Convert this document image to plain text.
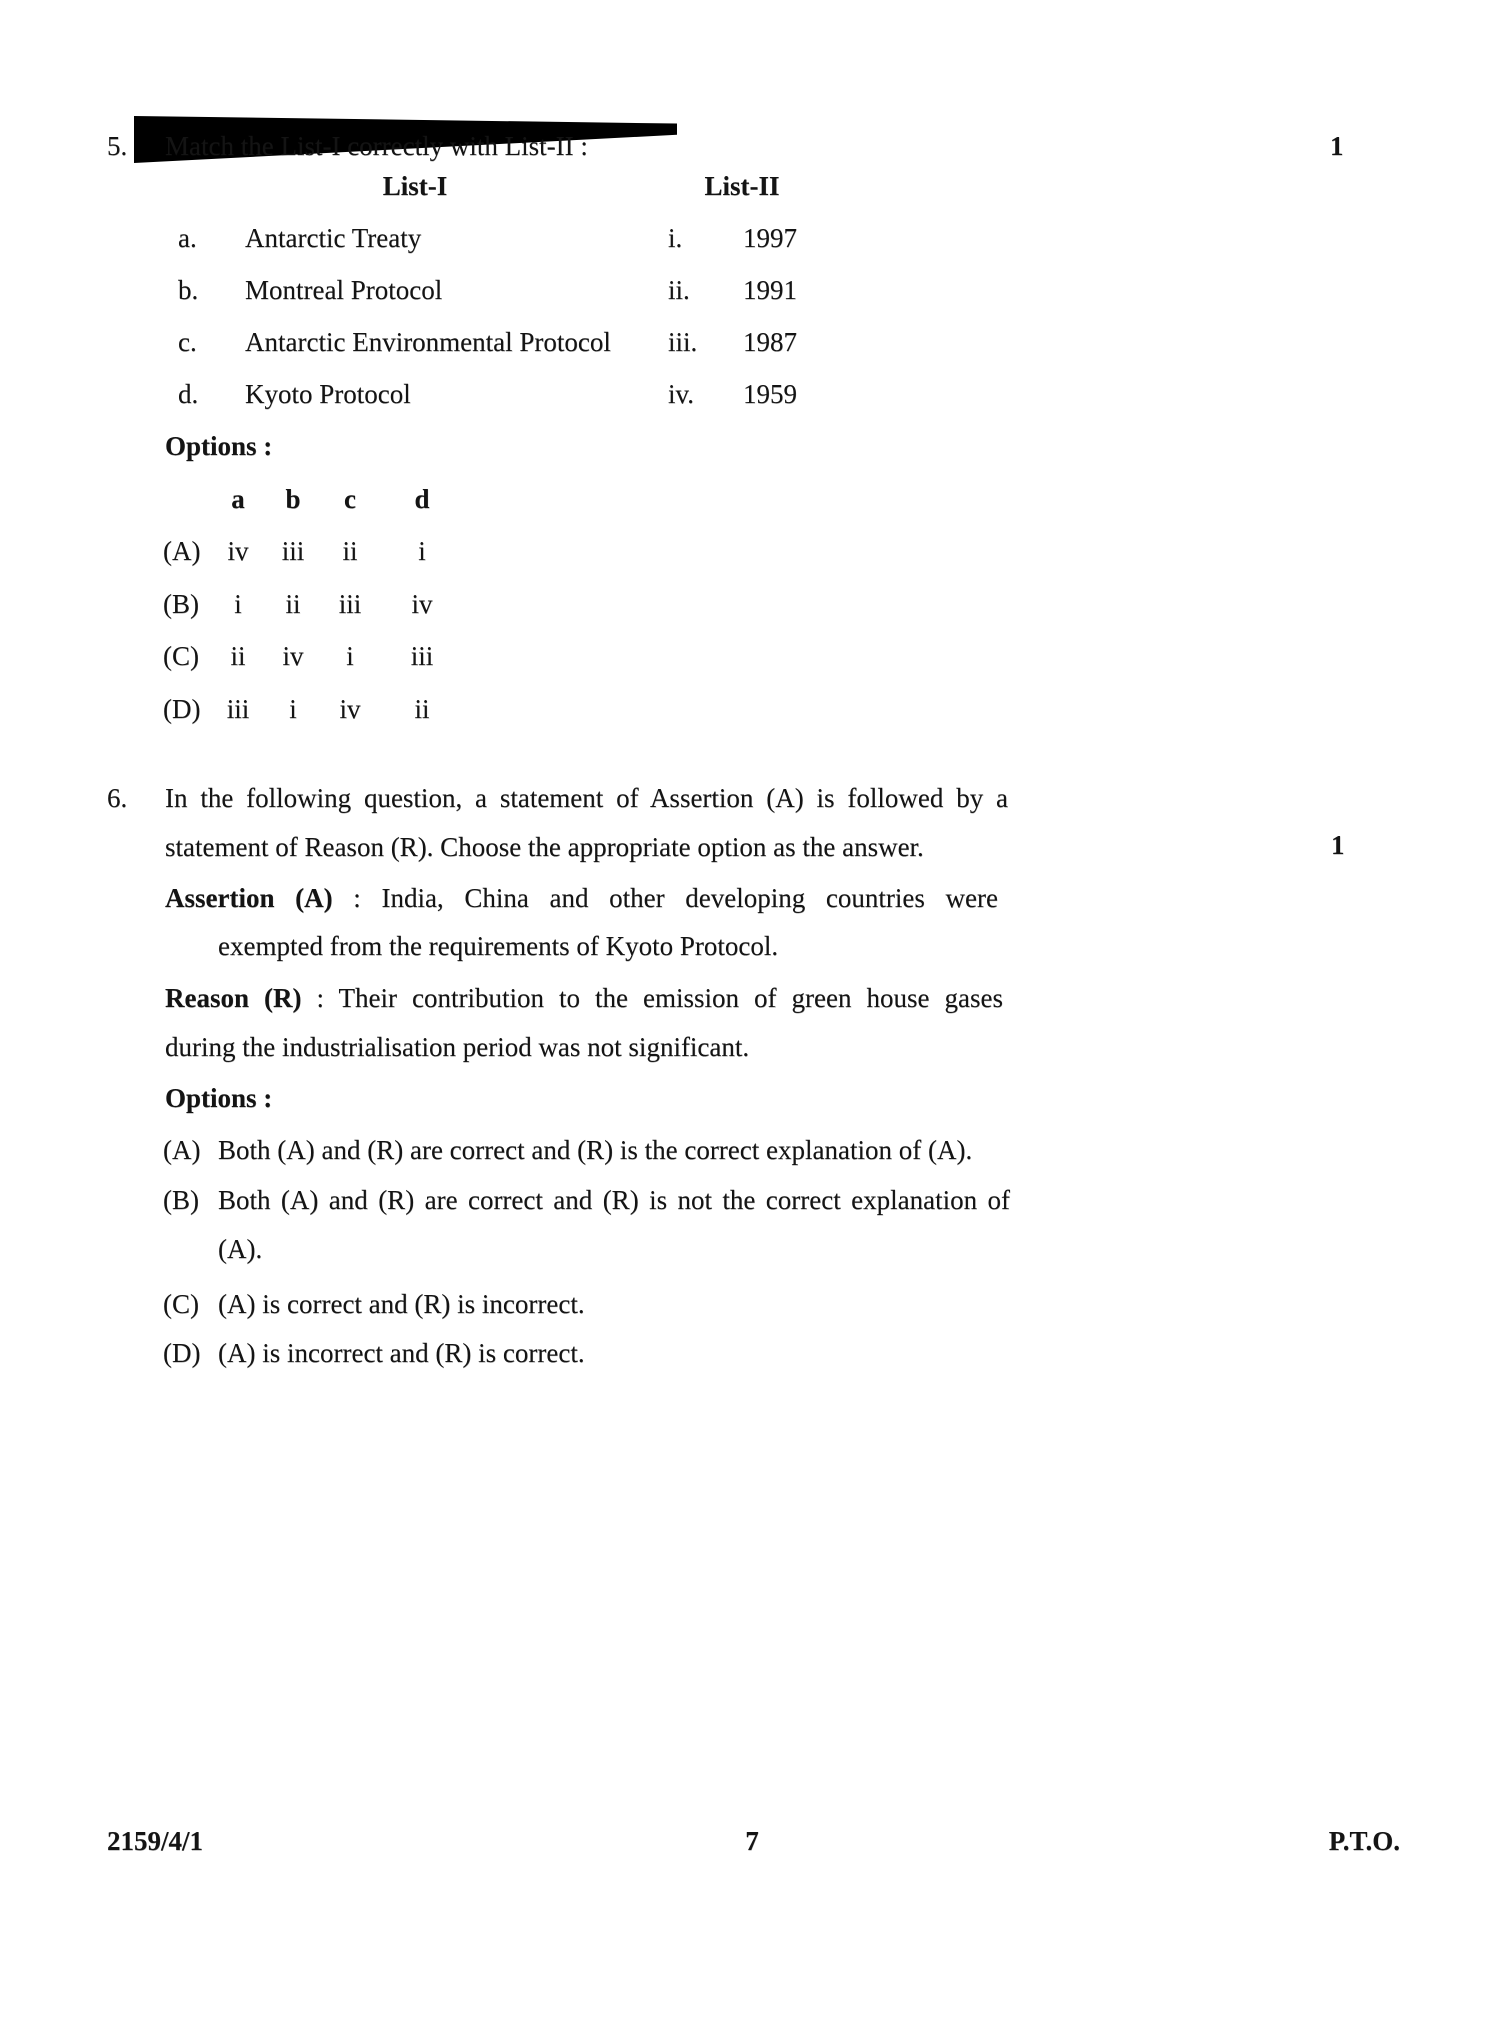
5. Match the List-I correctly with List-II :	1
List-I	List-II
a. Antarctic Treaty	i. 1997
b. Montreal Protocol	ii. 1991
c. Antarctic Environmental Protocol iii. 1987
d. Kyoto Protocol	iv. 1959
Options :
a	b	c	d
(A)	iv	iii	ii	i
(B)	i	ii	iii	iv
(C)	ii	iv	i	iii
(D) iii	i	iv	ii
6. In the following question, a statement of Assertion (A) is followed by a
statement of Reason (R). Choose the appropriate option as the answer.	1
Assertion (A) : India, China and other developing countries were
exempted from the requirements of Kyoto Protocol.
Reason (R) : Their contribution to the emission of green house gases
during the industrialisation period was not significant.
Options :
(A) Both (A) and (R) are correct and (R) is the correct explanation of (A).
(B) Both (A) and (R) are correct and (R) is not the correct explanation of
(A).
(C) (A) is correct and (R) is incorrect.
(D) (A) is incorrect and (R) is correct.
2159/4/1	7	P.T.O.
